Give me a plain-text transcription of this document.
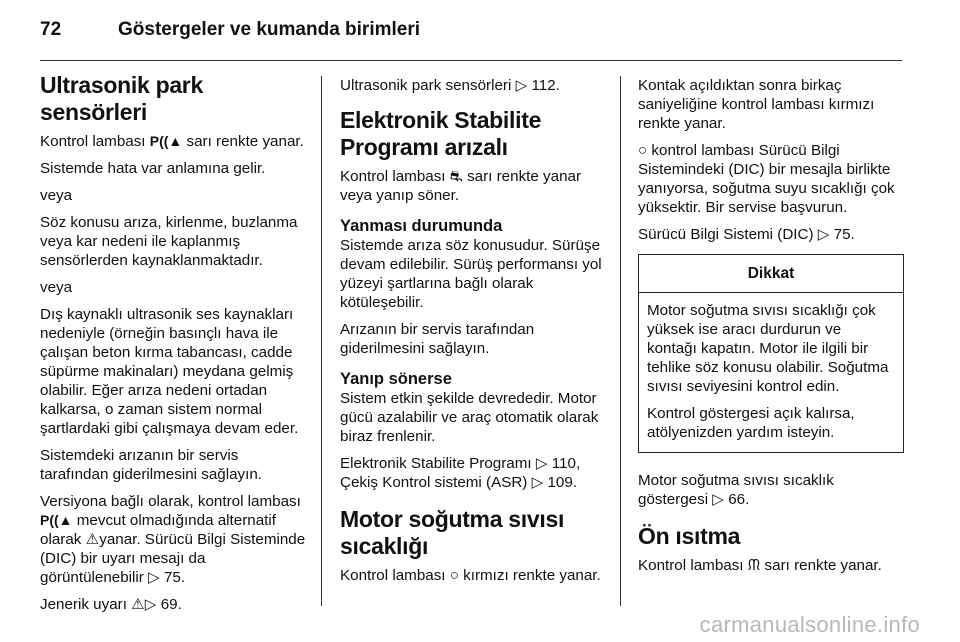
72	Göstergeler ve kumanda birimleri
Ultrasonik park sensörleri

Kontrol lambası P((▲ sarı renkte yanar.

Sistemde hata var anlamına gelir.

veya

Söz konusu arıza, kirlenme, buzlanma veya kar nedeni ile kaplanmış sensörlerden kaynaklanmaktadır.

veya

Dış kaynaklı ultrasonik ses kaynakları nedeniyle (örneğin basınçlı hava ile çalışan beton kırma tabancası, cadde süpürme makinaları) meydana gelmiş olabilir. Eğer arıza nedeni ortadan kalkarsa, o zaman sistem normal şartlardaki gibi çalışmaya devam eder.

Sistemdeki arızanın bir servis tarafından giderilmesini sağlayın.

Versiyona bağlı olarak, kontrol lambası P((▲ mevcut olmadığında alternatif olarak ⚠yanar. Sürücü Bilgi Sisteminde (DIC) bir uyarı mesajı da görüntülenebilir ▷ 75.

Jenerik uyarı ⚠▷ 69.

Ultrasonik park sensörleri ▷ 112.

Elektronik Stabilite Programı arızalı

Kontrol lambası ⛐ sarı renkte yanar veya yanıp söner.

Yanması durumunda

Sistemde arıza söz konusudur. Sürüşe devam edilebilir. Sürüş performansı yol yüzeyi şartlarına bağlı olarak kötüleşebilir.

Arızanın bir servis tarafından giderilmesini sağlayın.

Yanıp sönerse

Sistem etkin şekilde devrededir. Motor gücü azalabilir ve araç otomatik olarak biraz frenlenir.

Elektronik Stabilite Programı ▷ 110, Çekiş Kontrol sistemi (ASR) ▷ 109.

Motor soğutma sıvısı sıcaklığı

Kontrol lambası ○ kırmızı renkte yanar.

Kontak açıldıktan sonra birkaç saniyeliğine kontrol lambası kırmızı renkte yanar.

○ kontrol lambası Sürücü Bilgi Sistemindeki (DIC) bir mesajla birlikte yanıyorsa, soğutma suyu sıcaklığı çok yüksektir. Bir servise başvurun.

Sürücü Bilgi Sistemi (DIC) ▷ 75.

Dikkat

Motor soğutma sıvısı sıcaklığı çok yüksek ise aracı durdurun ve kontağı kapatın. Motor ile ilgili bir tehlike söz konusu olabilir. Soğutma sıvısı seviyesini kontrol edin.

Kontrol göstergesi açık kalırsa, atölyenizden yardım isteyin.

Motor soğutma sıvısı sıcaklık göstergesi ▷ 66.

Ön ısıtma

Kontrol lambası ᙏ sarı renkte yanar.

carmanualsonline.info
